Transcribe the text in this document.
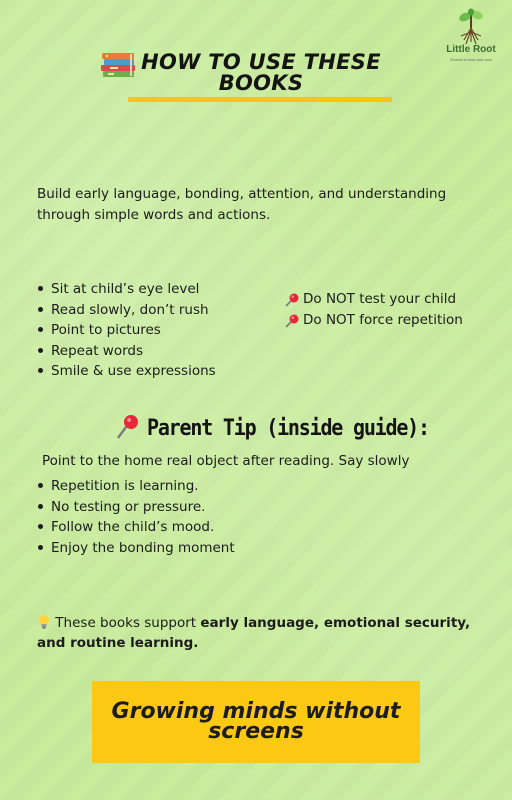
Little Root
Rooted in love and care
HOW TO USE THESE BOOKS
Build early language, bonding, attention, and understanding through simple words and actions.
Sit at child’s eye level
Read slowly, don’t rush
Point to pictures
Repeat words
Smile & use expressions
Do NOT test your child
Do NOT force repetition
Parent Tip (inside guide):
Point to the home real object after reading. Say slowly
Repetition is learning.
No testing or pressure.
Follow the child’s mood.
Enjoy the bonding moment
These books support early language, emotional security, and routine learning.
Growing minds without screens
